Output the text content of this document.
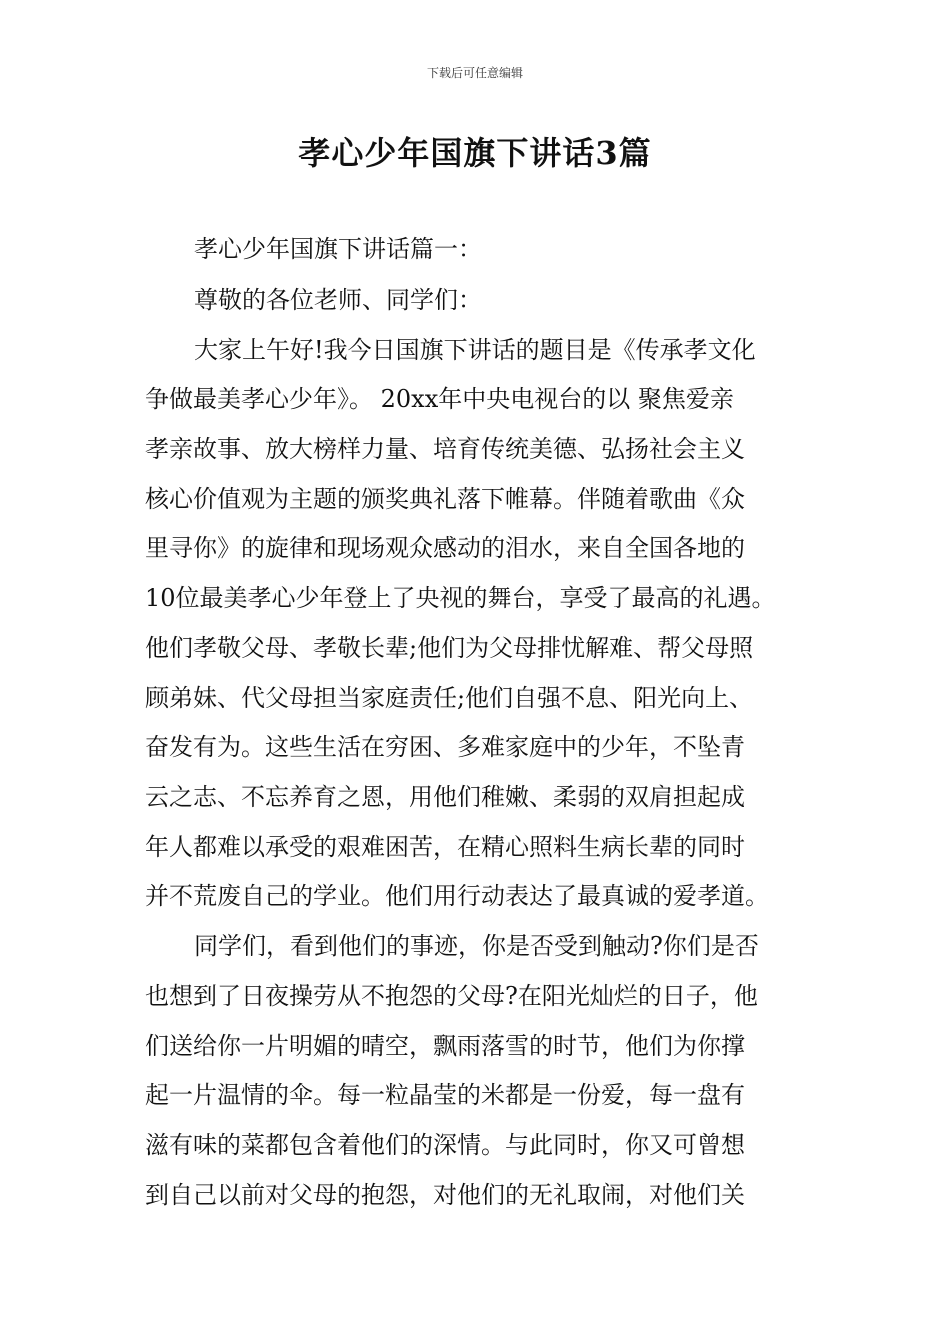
下载后可任意编辑
孝心少年国旗下讲话3篇
孝心少年国旗下讲话篇一：
尊敬的各位老师、同学们：
大家上午好!我今日国旗下讲话的题目是《传承孝文化
争做最美孝心少年》。 20xx年中央电视台的以 聚焦爱亲
孝亲故事、放大榜样力量、培育传统美德、弘扬社会主义
核心价值观为主题的颁奖典礼落下帷幕。伴随着歌曲《众
里寻你》的旋律和现场观众感动的泪水，来自全国各地的
10位最美孝心少年登上了央视的舞台，享受了最高的礼遇。
他们孝敬父母、孝敬长辈;他们为父母排忧解难、帮父母照
顾弟妹、代父母担当家庭责任;他们自强不息、阳光向上、
奋发有为。这些生活在穷困、多难家庭中的少年，不坠青
云之志、不忘养育之恩，用他们稚嫩、柔弱的双肩担起成
年人都难以承受的艰难困苦，在精心照料生病长辈的同时
并不荒废自己的学业。他们用行动表达了最真诚的爱孝道。
同学们，看到他们的事迹，你是否受到触动?你们是否
也想到了日夜操劳从不抱怨的父母?在阳光灿烂的日子，他
们送给你一片明媚的晴空，飘雨落雪的时节，他们为你撑
起一片温情的伞。每一粒晶莹的米都是一份爱，每一盘有
滋有味的菜都包含着他们的深情。与此同时，你又可曾想
到自己以前对父母的抱怨，对他们的无礼取闹，对他们关
